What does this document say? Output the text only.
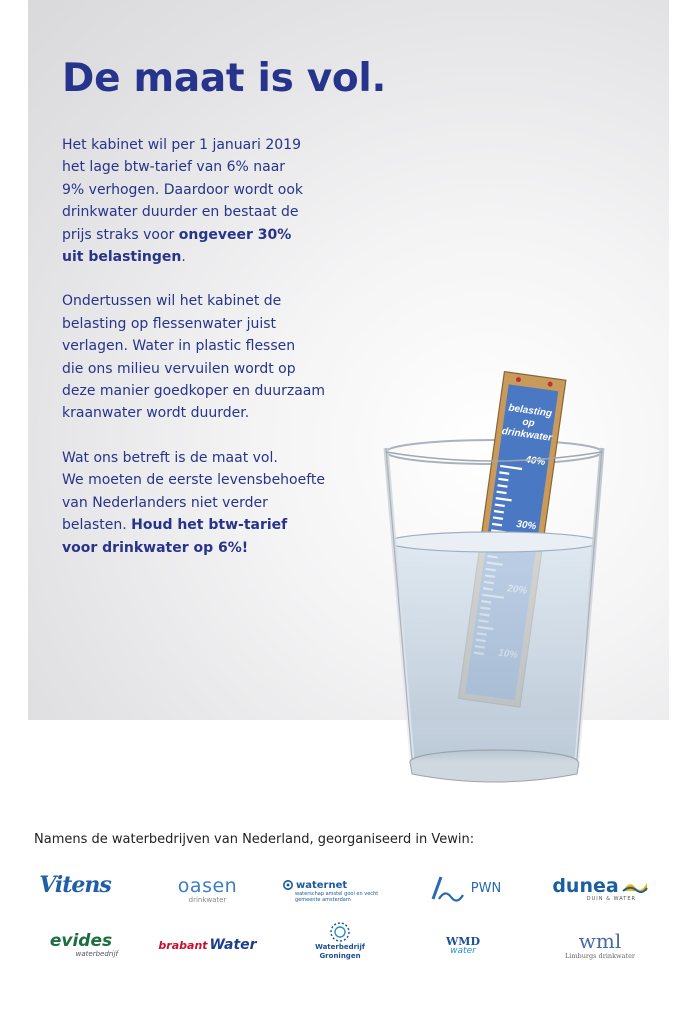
De maat is vol.

Het kabinet wil per 1 januari 2019
het lage btw-tarief van 6% naar
9% verhogen. Daardoor wordt ook
drinkwater duurder en bestaat de
prijs straks voor ongeveer 30%
uit belastingen.

Ondertussen wil het kabinet de
belasting op flessenwater juist
verlagen. Water in plastic flessen
die ons milieu vervuilen wordt op
deze manier goedkoper en duurzaam
kraanwater wordt duurder.

Wat ons betreft is de maat vol.
We moeten de eerste levensbehoefte
van Nederlanders niet verder
belasten. Houd het btw-tarief
voor drinkwater op 6%!

belasting
op
drinkwater
40%
30%
Namens de waterbedrijven van Nederland, georganiseerd in Vewin:
Vitens	oasen
drinkwater
waternet
waterschap amstel gooi en vecht
gemeente amsterdam
PWN	dunea
DUIN & WATER
evides
waterbedrijf
brabant Water	Waterbedrijf
Groningen
WMD
water	wml
Limburgs drinkwater
